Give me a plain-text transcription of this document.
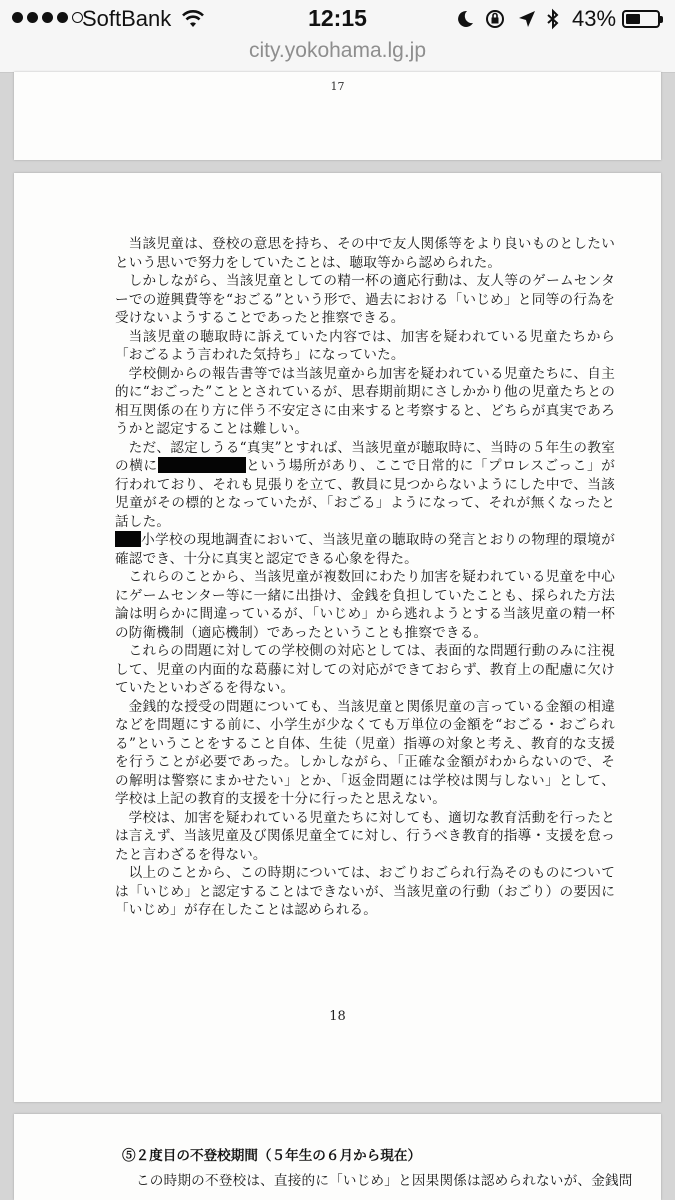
SoftBank	12:15	43%
city.yokohama.lg.jp
17

当該児童は、登校の意思を持ち、その中で友人関係等をより良いものとしたいという思いで努力をしていたことは、聴取等から認められた。

しかしながら、当該児童としての精一杯の適応行動は、友人等のゲームセンターでの遊興費等を“おごる”という形で、過去における「いじめ」と同等の行為を受けないようすることであったと推察できる。

当該児童の聴取時に訴えていた内容では、加害を疑われている児童たちから「おごるよう言われた気持ち」になっていた。

学校側からの報告書等では当該児童から加害を疑われている児童たちに、自主的に“おごった”こととされているが、思春期前期にさしかかり他の児童たちとの相互関係の在り方に伴う不安定さに由来すると考察すると、どちらが真実であろうかと認定することは難しい。

ただ、認定しうる“真実”とすれば、当該児童が聴取時に、当時の５年生の教室の横に	という場所があり、ここで日常的に「プロレスごっこ」が行われており、それも見張りを立て、教員に見つからないようにした中で、当該児童がその標的となっていたが、「おごる」ようになって、それが無くなったと話した。

小学校の現地調査において、当該児童の聴取時の発言とおりの物理的環境が確認でき、十分に真実と認定できる心象を得た。

これらのことから、当該児童が複数回にわたり加害を疑われている児童を中心にゲームセンター等に一緒に出掛け、金銭を負担していたことも、採られた方法論は明らかに間違っているが、「いじめ」から逃れようとする当該児童の精一杯の防衛機制（適応機制）であったということも推察できる。

これらの問題に対しての学校側の対応としては、表面的な問題行動のみに注視して、児童の内面的な葛藤に対しての対応ができておらず、教育上の配慮に欠けていたといわざるを得ない。

金銭的な授受の問題についても、当該児童と関係児童の言っている金額の相違などを問題にする前に、小学生が少なくても万単位の金額を“おごる・おごられる”ということをすること自体、生徒（児童）指導の対象と考え、教育的な支援を行うことが必要であった。しかしながら、「正確な金額がわからないので、その解明は警察にまかせたい」とか、「返金問題には学校は関与しない」として、学校は上記の教育的支援を十分に行ったと思えない。

学校は、加害を疑われている児童たちに対しても、適切な教育活動を行ったとは言えず、当該児童及び関係児童全てに対し、行うべき教育的指導・支援を怠ったと言わざるを得ない。

以上のことから、この時期については、おごりおごられ行為そのものについては「いじめ」と認定することはできないが、当該児童の行動（おごり）の要因に「いじめ」が存在したことは認められる。

18
⑤２度目の不登校期間（５年生の６月から現在）
この時期の不登校は、直接的に「いじめ」と因果関係は認められないが、金銭問
